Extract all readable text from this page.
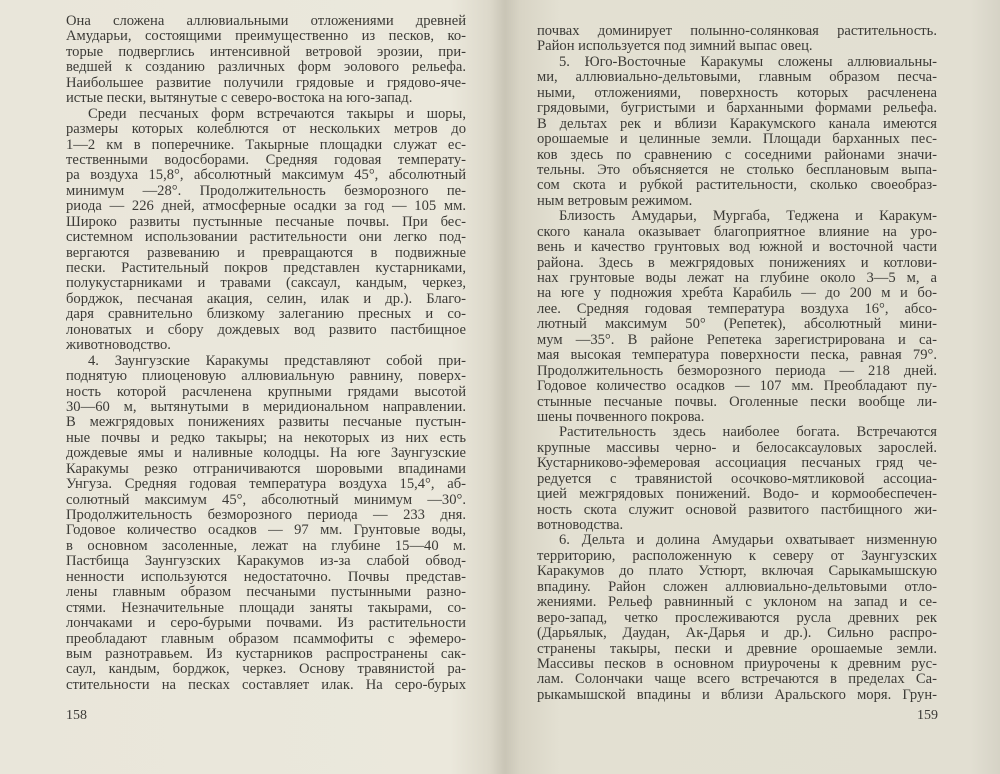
Она сложена аллювиальными отложениями древней
Амударьи, состоящими преимущественно из песков, ко-
торые подверглись интенсивной ветровой эрозии, при-
ведшей к созданию различных форм эолового рельефа.
Наибольшее развитие получили грядовые и грядово-яче-
истые пески, вытянутые с северо-востока на юго-запад.
Среди песчаных форм встречаются такыры и шоры,
размеры которых колеблются от нескольких метров до
1—2 км в поперечнике. Такырные площадки служат ес-
тественными водосборами. Средняя годовая температу-
ра воздуха 15,8°, абсолютный максимум 45°, абсолютный
минимум —28°. Продолжительность безморозного пе-
риода — 226 дней, атмосферные осадки за год — 105 мм.
Широко развиты пустынные песчаные почвы. При бес-
системном использовании растительности они легко под-
вергаются развеванию и превращаются в подвижные
пески. Растительный покров представлен кустарниками,
полукустарниками и травами (саксаул, кандым, черкез,
борджок, песчаная акация, селин, илак и др.). Благо-
даря сравнительно близкому залеганию пресных и со-
лоноватых и сбору дождевых вод развито пастбищное
животноводство.
4. Заунгузские Каракумы представляют собой при-
поднятую плиоценовую аллювиальную равнину, поверх-
ность которой расчленена крупными грядами высотой
30—60 м, вытянутыми в меридиональном направлении.
В межгрядовых понижениях развиты песчаные пустын-
ные почвы и редко такыры; на некоторых из них есть
дождевые ямы и наливные колодцы. На юге Заунгузские
Каракумы резко отграничиваются шоровыми впадинами
Унгуза. Средняя годовая температура воздуха 15,4°, аб-
солютный максимум 45°, абсолютный минимум —30°.
Продолжительность безморозного периода — 233 дня.
Годовое количество осадков — 97 мм. Грунтовые воды,
в основном засоленные, лежат на глубине 15—40 м.
Пастбища Заунгузских Каракумов из-за слабой обвод-
ненности используются недостаточно. Почвы представ-
лены главным образом песчаными пустынными разно-
стями. Незначительные площади заняты такырами, со-
лончаками и серо-бурыми почвами. Из растительности
преобладают главным образом псаммофиты с эфемеро-
вым разнотравьем. Из кустарников распространены сак-
саул, кандым, борджок, черкез. Основу травянистой ра-
стительности на песках составляет илак. На серо-бурых
158
почвах доминирует полынно-солянковая растительность.
Район используется под зимний выпас овец.
5. Юго-Восточные Каракумы сложены аллювиальны-
ми, аллювиально-дельтовыми, главным образом песча-
ными, отложениями, поверхность которых расчленена
грядовыми, бугристыми и барханными формами рельефа.
В дельтах рек и вблизи Каракумского канала имеются
орошаемые и целинные земли. Площади барханных пес-
ков здесь по сравнению с соседними районами значи-
тельны. Это объясняется не столько бесплановым выпа-
сом скота и рубкой растительности, сколько своеобраз-
ным ветровым режимом.
Близость Амударьи, Мургаба, Теджена и Каракум-
ского канала оказывает благоприятное влияние на уро-
вень и качество грунтовых вод южной и восточной части
района. Здесь в межгрядовых понижениях и котлови-
нах грунтовые воды лежат на глубине около 3—5 м, а
на юге у подножия хребта Карабиль — до 200 м и бо-
лее. Средняя годовая температура воздуха 16°, абсо-
лютный максимум 50° (Репетек), абсолютный мини-
мум —35°. В районе Репетека зарегистрирована и са-
мая высокая температура поверхности песка, равная 79°.
Продолжительность безморозного периода — 218 дней.
Годовое количество осадков — 107 мм. Преобладают пу-
стынные песчаные почвы. Оголенные пески вообще ли-
шены почвенного покрова.
Растительность здесь наиболее богата. Встречаются
крупные массивы черно- и белосаксауловых зарослей.
Кустарниково-эфемеровая ассоциация песчаных гряд че-
редуется с травянистой осочково-мятликовой ассоциа-
цией межгрядовых понижений. Водо- и кормообеспечен-
ность скота служит основой развитого пастбищного жи-
вотноводства.
6. Дельта и долина Амударьи охватывает низменную
территорию, расположенную к северу от Заунгузских
Каракумов до плато Устюрт, включая Сарыкамышскую
впадину. Район сложен аллювиально-дельтовыми отло-
жениями. Рельеф равнинный с уклоном на запад и се-
веро-запад, четко прослеживаются русла древних рек
(Дарьялык, Даудан, Ак-Дарья и др.). Сильно распро-
странены такыры, пески и древние орошаемые земли.
Массивы песков в основном приурочены к древним рус-
лам. Солончаки чаще всего встречаются в пределах Са-
рыкамышской впадины и вблизи Аральского моря. Грун-
159
